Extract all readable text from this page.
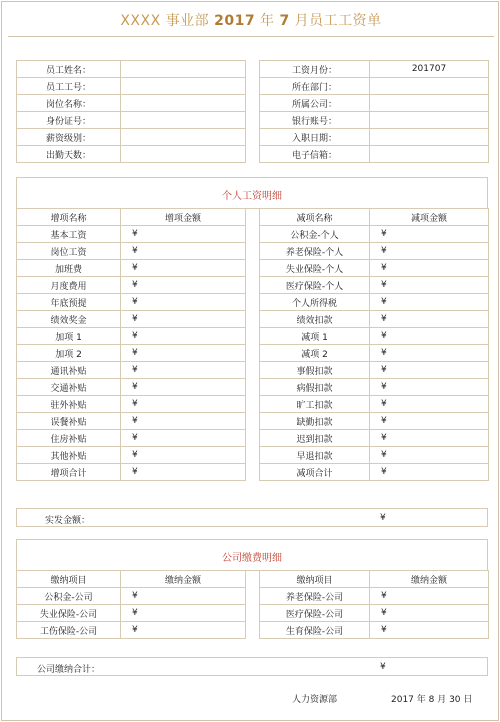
XXXX 事业部 2017 年 7 月员工工资单
员工姓名：			工资月份：	201707
员工工号：			所在部门：	
岗位名称：			所属公司：	
身份证号：			银行账号：	
薪资级别：			入职日期：	
出勤天数：			电子信箱：	
个人工资明细
增项名称	增项金额			减项名称	减项金额	
基本工资	¥			公积金-个人	¥	
岗位工资	¥			养老保险-个人	¥	
加班费	¥			失业保险-个人	¥	
月度费用	¥			医疗保险-个人	¥	
年底预提	¥			个人所得税	¥	
绩效奖金	¥			绩效扣款	¥	
加项 1	¥			减项 1	¥	
加项 2	¥			减项 2	¥	
通讯补贴	¥			事假扣款	¥	
交通补贴	¥			病假扣款	¥	
驻外补贴	¥			旷工扣款	¥	
误餐补贴	¥			缺勤扣款	¥	
住房补贴	¥			迟到扣款	¥	
其他补贴	¥			早退扣款	¥	
增项合计	¥			减项合计	¥	
实发金额：	¥
公司缴费明细
缴纳项目	缴纳金额			缴纳项目	缴纳金额	
公积金-公司	¥			养老保险-公司	¥	
失业保险-公司	¥			医疗保险-公司	¥	
工伤保险-公司	¥			生育保险-公司	¥	
公司缴纳合计：	¥
人力资源部	2017 年 8 月 30 日
